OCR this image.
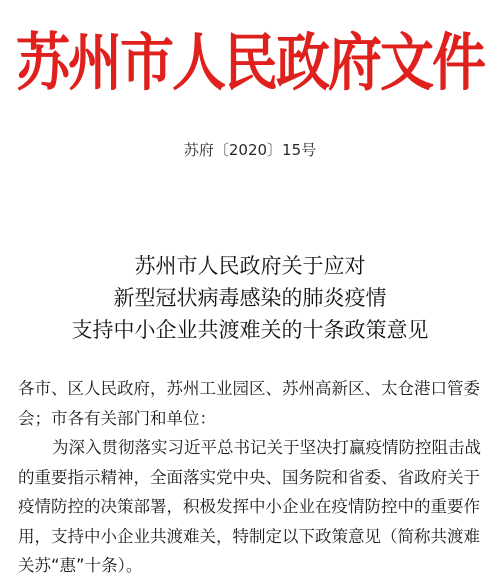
苏州市人民政府文件
苏府〔2020〕15号
苏州市人民政府关于应对
新型冠状病毒感染的肺炎疫情
支持中小企业共渡难关的十条政策意见
各市、区人民政府，苏州工业园区、苏州高新区、太仓港口管委
会；市各有关部门和单位：
为深入贯彻落实习近平总书记关于坚决打赢疫情防控阻击战
的重要指示精神，全面落实党中央、国务院和省委、省政府关于
疫情防控的决策部署，积极发挥中小企业在疫情防控中的重要作
用，支持中小企业共渡难关，特制定以下政策意见（简称共渡难
关苏“惠”十条）。
